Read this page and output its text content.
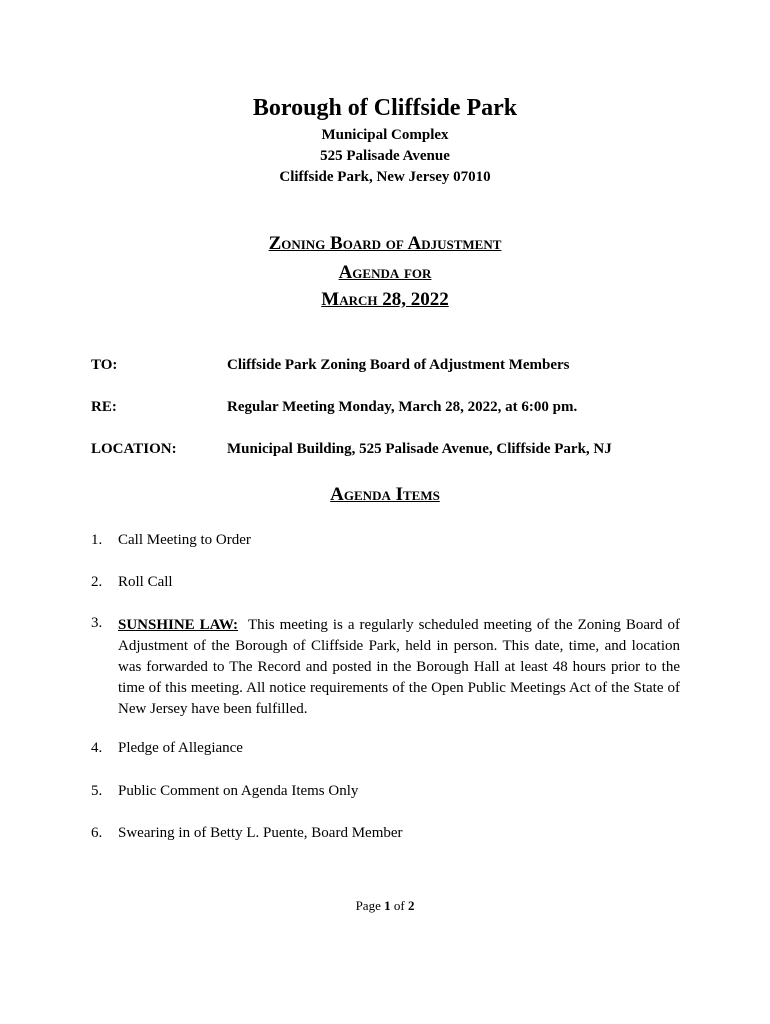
Borough of Cliffside Park
Municipal Complex
525 Palisade Avenue
Cliffside Park, New Jersey 07010
Zoning Board of Adjustment
Agenda for
March 28, 2022
TO:	Cliffside Park Zoning Board of Adjustment Members
RE:	Regular Meeting Monday, March 28, 2022, at 6:00 pm.
LOCATION:	Municipal Building, 525 Palisade Avenue, Cliffside Park, NJ
Agenda Items
1. Call Meeting to Order
2. Roll Call
3. SUNSHINE LAW: This meeting is a regularly scheduled meeting of the Zoning Board of Adjustment of the Borough of Cliffside Park, held in person. This date, time, and location was forwarded to The Record and posted in the Borough Hall at least 48 hours prior to the time of this meeting. All notice requirements of the Open Public Meetings Act of the State of New Jersey have been fulfilled.
4. Pledge of Allegiance
5. Public Comment on Agenda Items Only
6. Swearing in of Betty L. Puente, Board Member
Page 1 of 2
